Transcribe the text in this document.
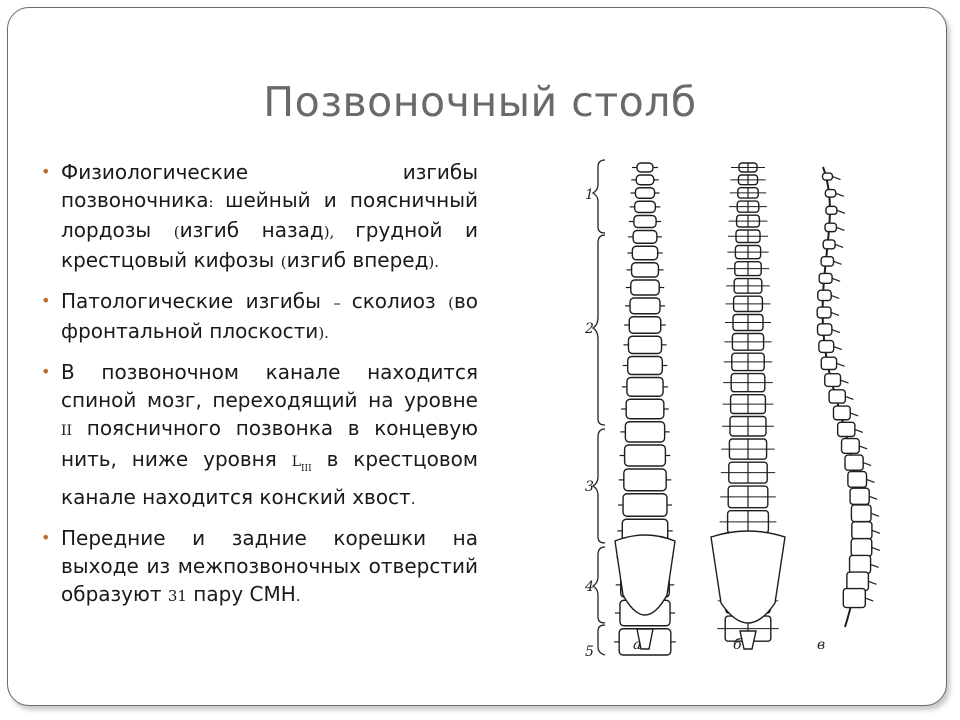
Позвоночный столб
• Физиологические изгибы позвоночника: шейный и поясничный лордозы (изгиб назад), грудной и крестцовый кифозы (изгиб вперед).
• Патологические изгибы – сколиоз (во фронтальной плоскости).
• В позвоночном канале находится спиной мозг, переходящий на уровне II поясничного позвонка в концевую нить, ниже уровня $L_{III}$ в крестцовом канале находится конский хвост.
• Передние и задние корешки на выходе из межпозвоночных отверстий образуют 31 пару СМН.
1
2
3
4
5	а	б	в
